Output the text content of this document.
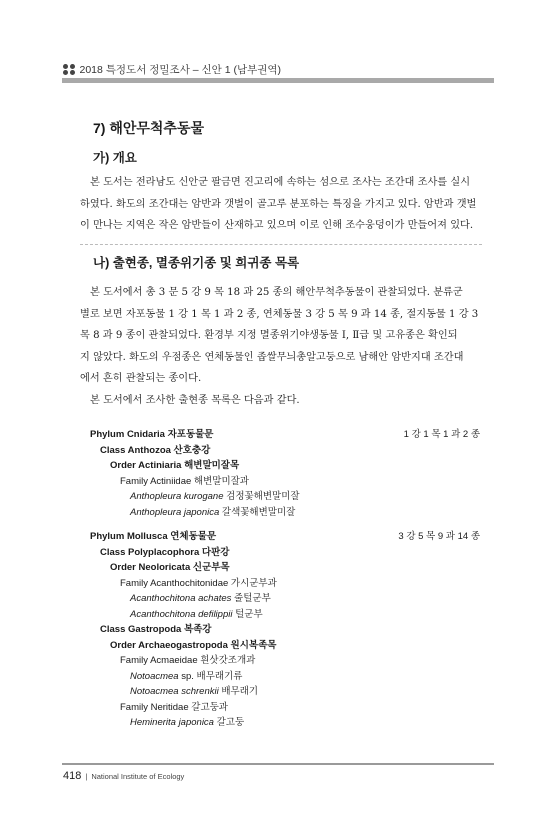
2018 특정도서 정밀조사 – 신안 1 (남부권역)
7) 해안무척추동물
가) 개요

본 도서는 전라남도 신안군 팔금면 진고리에 속하는 섬으로 조사는 조간대 조사를 실시
하였다. 화도의 조간대는 암반과 갯벌이 골고루 분포하는 특징을 가지고 있다. 암반과 갯벌
이 만나는 지역은 작은 암반들이 산재하고 있으며 이로 인해 조수웅덩이가 만들어져 있다.

나) 출현종, 멸종위기종 및 희귀종 목록

본 도서에서 총 3 문 5 강 9 목 18 과 25 종의 해안무척추동물이 관찰되었다. 분류군
별로 보면 자포동물 1 강 1 목 1 과 2 종, 연체동물 3 강 5 목 9 과 14 종, 절지동물 1 강 3
목 8 과 9 종이 관찰되었다. 환경부 지정 멸종위기야생동물 Ⅰ, Ⅱ급 및 고유종은 확인되
지 않았다. 화도의 우점종은 연체동물인 좁쌀무늬총알고둥으로 남해안 암반지대 조간대
에서 흔히 관찰되는 종이다.
본 도서에서 조사한 출현종 목록은 다음과 같다.

Phylum Cnidaria 자포동물문	1 강 1 목 1 과 2 종
Class Anthozoa 산호충강
Order Actiniaria 해변말미잘목
Family Actiniidae 해변말미잘과
Anthopleura kurogane 검정꽃해변말미잘
Anthopleura japonica 갈색꽃해변말미잘
Phylum Mollusca 연체동물문	3 강 5 목 9 과 14 종
Class Polyplacophora 다판강
Order Neoloricata 신군부목
Family Acanthochitonidae 가시군부과
Acanthochitona achates 줄털군부
Acanthochitona defilippii 털군부
Class Gastropoda 복족강
Order Archaeogastropoda 원시복족목
Family Acmaeidae 흰삿갓조개과
Notoacmea sp. 배무래기류
Notoacmea schrenkii 배무래기
Family Neritidae 갈고둥과
Heminerita japonica 갈고둥
418 | National Institute of Ecology
